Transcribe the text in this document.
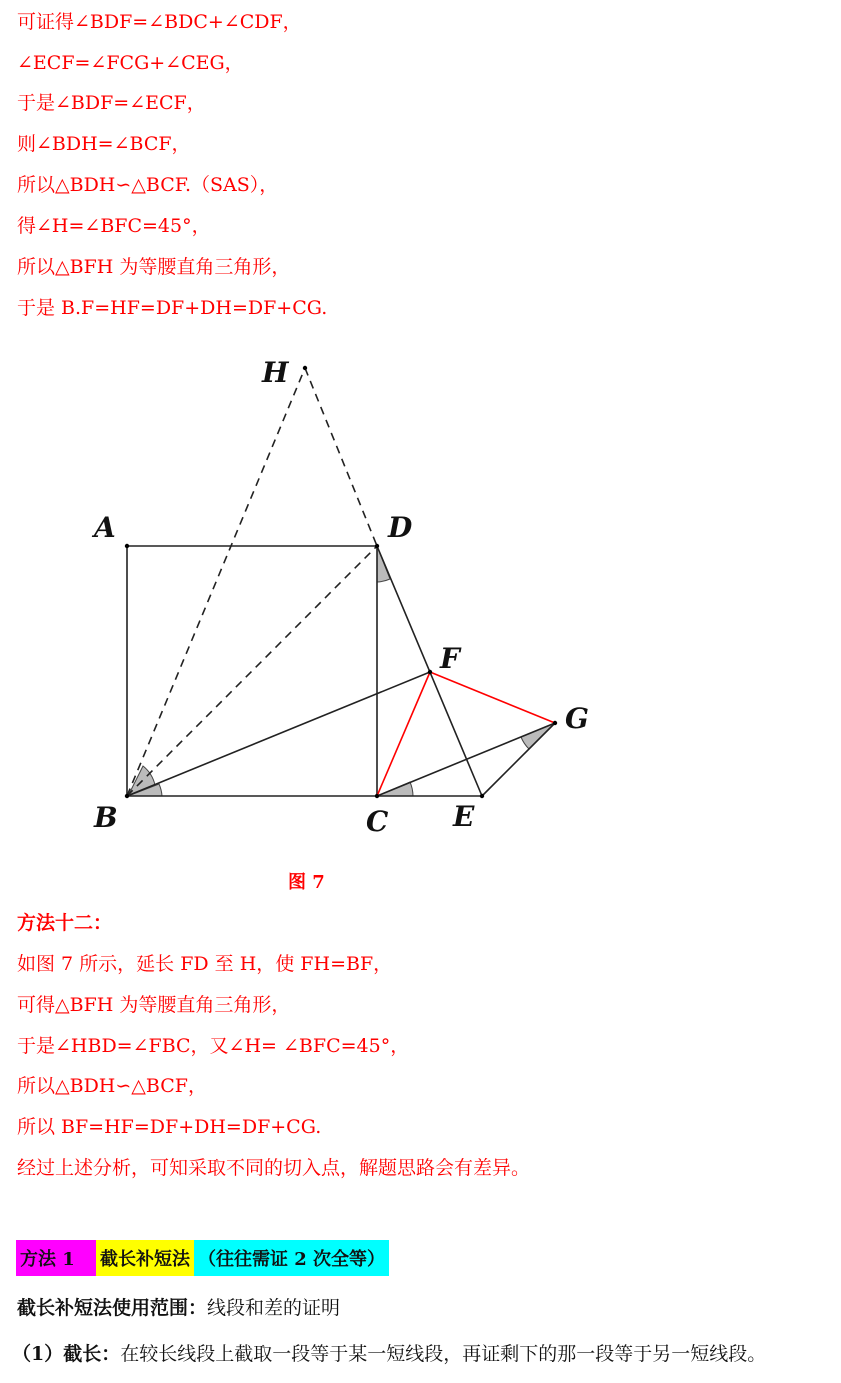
可证得∠BDF=∠BDC+∠CDF，
∠ECF=∠FCG+∠CEG，
于是∠BDF=∠ECF，
则∠BDH=∠BCF，
所以△BDH∽△BCF.（SAS），
得∠H=∠BFC=45°，
所以△BFH 为等腰直角三角形，
于是 B.F=HF=DF+DH=DF+CG.
H
A	D
F
G
B	C E
图 7
方法十二：
如图 7 所示，延长 FD 至 H，使 FH=BF，
可得△BFH 为等腰直角三角形，
于是∠HBD=∠FBC，又∠H= ∠BFC=45°，
所以△BDH∽△BCF，
所以 BF=HF=DF+DH=DF+CG.
经过上述分析，可知采取不同的切入点，解题思路会有差异。
方法 1	截长补短法 （往往需证 2 次全等）
截长补短法使用范围：线段和差的证明
（1）截长：在较长线段上截取一段等于某一短线段，再证剩下的那一段等于另一短线段。
